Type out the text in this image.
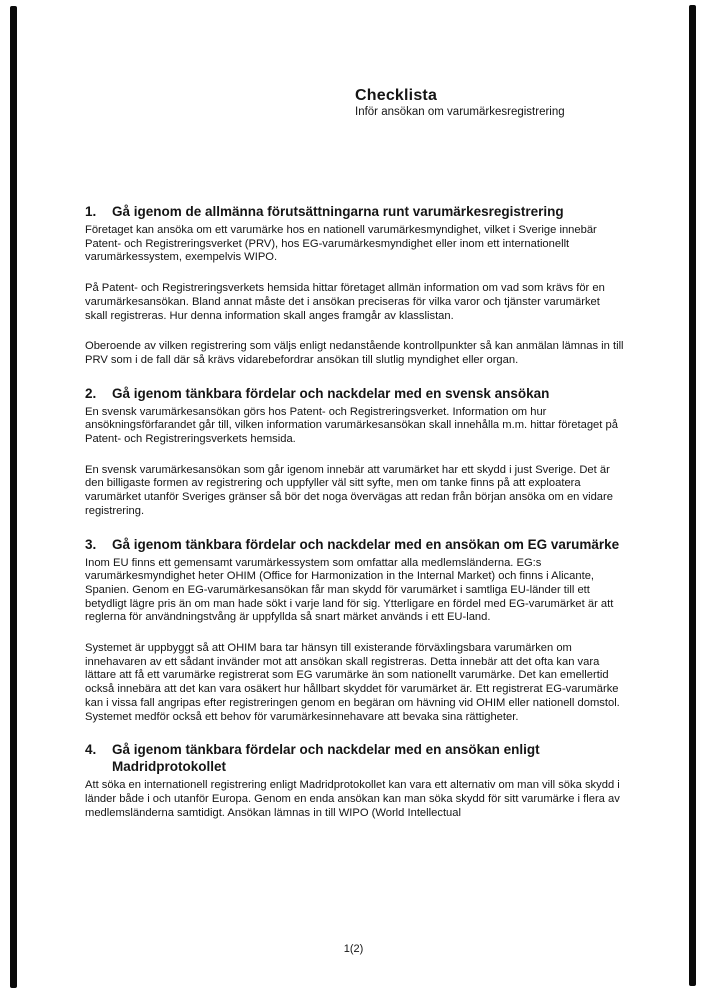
Checklista
Inför ansökan om varumärkesregistrering
1.	Gå igenom de allmänna förutsättningarna runt varumärkesregistrering

Företaget kan ansöka om ett varumärke hos en nationell varumärkesmyndighet, vilket i Sverige innebär Patent- och Registreringsverket (PRV), hos EG-varumärkesmyndighet eller inom ett internationellt varumärkessystem, exempelvis WIPO.

På Patent- och Registreringsverkets hemsida hittar företaget allmän information om vad som krävs för en varumärkesansökan. Bland annat måste det i ansökan preciseras för vilka varor och tjänster varumärket skall registreras. Hur denna information skall anges framgår av klasslistan.

Oberoende av vilken registrering som väljs enligt nedanstående kontrollpunkter så kan anmälan lämnas in till PRV som i de fall där så krävs vidarebefordrar ansökan till slutlig myndighet eller organ.

2.	Gå igenom tänkbara fördelar och nackdelar med en svensk ansökan

En svensk varumärkesansökan görs hos Patent- och Registreringsverket. Information om hur ansökningsförfarandet går till, vilken information varumärkesansökan skall innehålla m.m. hittar företaget på Patent- och Registreringsverkets hemsida.

En svensk varumärkesansökan som går igenom innebär att varumärket har ett skydd i just Sverige. Det är den billigaste formen av registrering och uppfyller väl sitt syfte, men om tanke finns på att exploatera varumärket utanför Sveriges gränser så bör det noga övervägas att redan från början ansöka om en vidare registrering.

3.	Gå igenom tänkbara fördelar och nackdelar med en ansökan om EG varumärke

Inom EU finns ett gemensamt varumärkessystem som omfattar alla medlemsländerna. EG:s varumärkesmyndighet heter OHIM (Office for Harmonization in the Internal Market) och finns i Alicante, Spanien. Genom en EG-varumärkesansökan får man skydd för varumärket i samtliga EU-länder till ett betydligt lägre pris än om man hade sökt i varje land för sig. Ytterligare en fördel med EG-varumärket är att reglerna för användningstvång är uppfyllda så snart märket används i ett EU-land.

Systemet är uppbyggt så att OHIM bara tar hänsyn till existerande förväxlingsbara varumärken om innehavaren av ett sådant invänder mot att ansökan skall registreras. Detta innebär att det ofta kan vara lättare att få ett varumärke registrerat som EG varumärke än som nationellt varumärke. Det kan emellertid också innebära att det kan vara osäkert hur hållbart skyddet för varumärket är. Ett registrerat EG-varumärke kan i vissa fall angripas efter registreringen genom en begäran om hävning vid OHIM eller nationell domstol. Systemet medför också ett behov för varumärkesinnehavare att bevaka sina rättigheter.

4.	Gå igenom tänkbara fördelar och nackdelar med en ansökan enligt Madridprotokollet

Att söka en internationell registrering enligt Madridprotokollet kan vara ett alternativ om man vill söka skydd i länder både i och utanför Europa. Genom en enda ansökan kan man söka skydd för sitt varumärke i flera av medlemsländerna samtidigt. Ansökan lämnas in till WIPO (World Intellectual

1(2)
